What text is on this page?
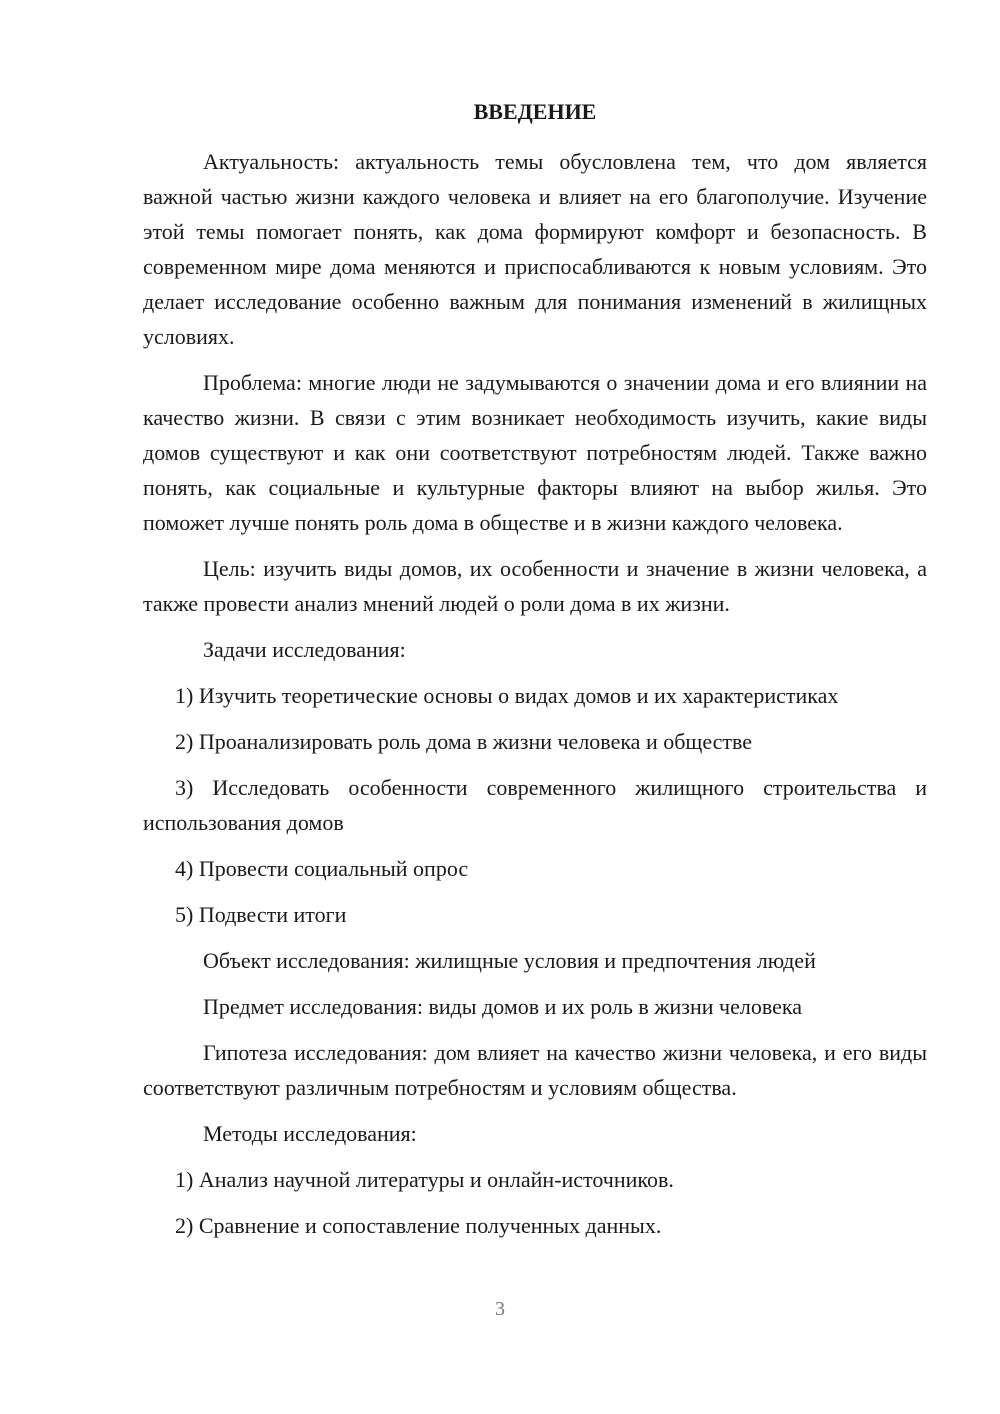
ВВЕДЕНИЕ

Актуальность: актуальность темы обусловлена тем, что дом является важной частью жизни каждого человека и влияет на его благополучие. Изучение этой темы помогает понять, как дома формируют комфорт и безопасность. В современном мире дома меняются и приспосабливаются к новым условиям. Это делает исследование особенно важным для понимания изменений в жилищных условиях.

Проблема: многие люди не задумываются о значении дома и его влиянии на качество жизни. В связи с этим возникает необходимость изучить, какие виды домов существуют и как они соответствуют потребностям людей. Также важно понять, как социальные и культурные факторы влияют на выбор жилья. Это поможет лучше понять роль дома в обществе и в жизни каждого человека.

Цель: изучить виды домов, их особенности и значение в жизни человека, а также провести анализ мнений людей о роли дома в их жизни.

Задачи исследования:

1) Изучить теоретические основы о видах домов и их характеристиках

2) Проанализировать роль дома в жизни человека и обществе

3) Исследовать особенности современного жилищного строительства и использования домов

4) Провести социальный опрос

5) Подвести итоги

Объект исследования: жилищные условия и предпочтения людей

Предмет исследования: виды домов и их роль в жизни человека

Гипотеза исследования: дом влияет на качество жизни человека, и его виды соответствуют различным потребностям и условиям общества.

Методы исследования:

1) Анализ научной литературы и онлайн-источников.

2) Сравнение и сопоставление полученных данных.

3
